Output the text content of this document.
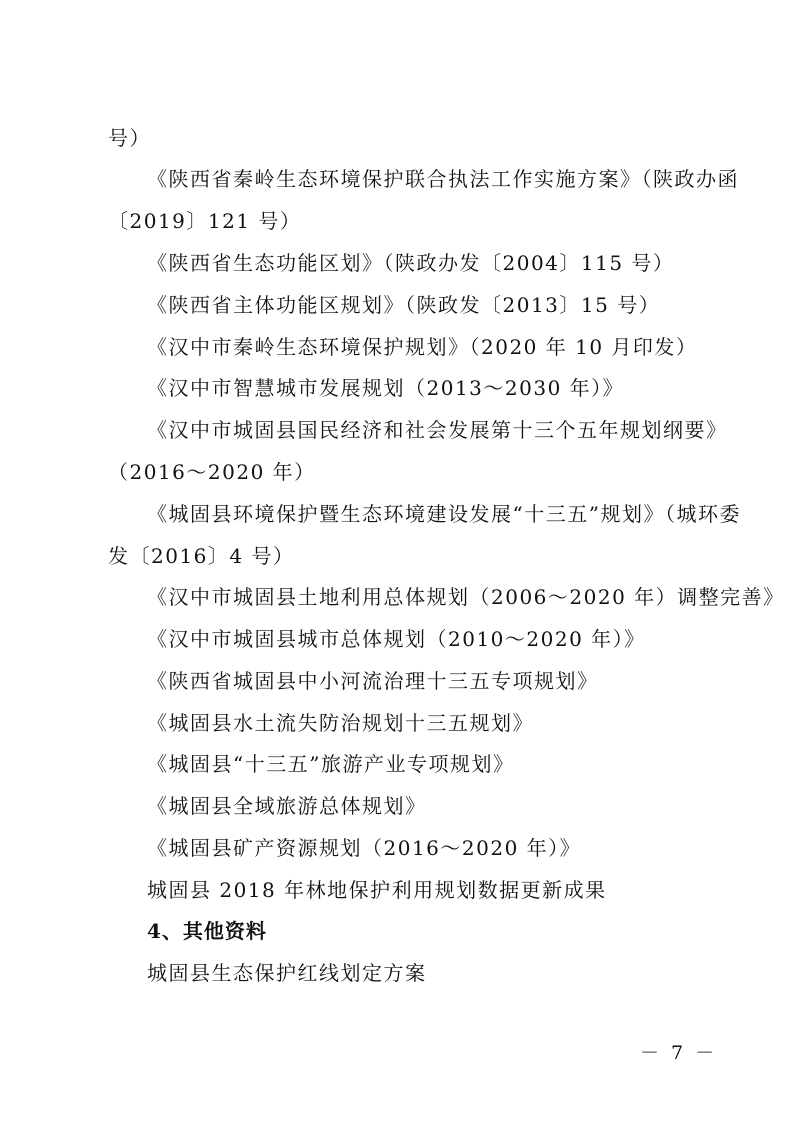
号）
《陕西省秦岭生态环境保护联合执法工作实施方案》（陕政办函
〔2019〕121 号）
《陕西省生态功能区划》（陕政办发〔2004〕115 号）
《陕西省主体功能区规划》（陕政发〔2013〕15 号）
《汉中市秦岭生态环境保护规划》（2020 年 10 月印发）
《汉中市智慧城市发展规划（2013～2030 年）》
《汉中市城固县国民经济和社会发展第十三个五年规划纲要》
（2016～2020 年）
《城固县环境保护暨生态环境建设发展“十三五”规划》（城环委
发〔2016〕4 号）
《汉中市城固县土地利用总体规划（2006～2020 年）调整完善》
《汉中市城固县城市总体规划（2010～2020 年）》
《陕西省城固县中小河流治理十三五专项规划》
《城固县水土流失防治规划十三五规划》
《城固县“十三五”旅游产业专项规划》
《城固县全域旅游总体规划》
《城固县矿产资源规划（2016～2020 年）》
城固县 2018 年林地保护利用规划数据更新成果
4、其他资料
城固县生态保护红线划定方案
－ 7 －
